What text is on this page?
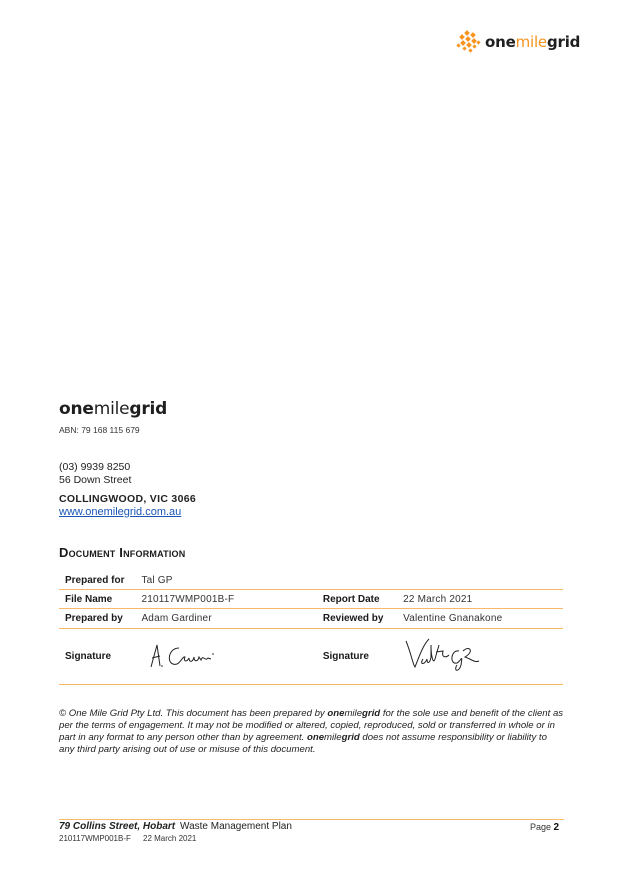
onemilegrid
onemilegrid
ABN: 79 168 115 679
(03) 9939 8250
56 Down Street
COLLINGWOOD, VIC 3066
www.onemilegrid.com.au
Document Information
Prepared for	Tal GP		
File Name	210117WMP001B-F	Report Date	22 March 2021
Prepared by	Adam Gardiner	Reviewed by	Valentine Gnanakone
Signature		Signature	
© One Mile Grid Pty Ltd. This document has been prepared by onemilegrid for the sole use and benefit of the client as per the terms of engagement. It may not be modified or altered, copied, reproduced, sold or transferred in whole or in part in any format to any person other than by agreement. onemilegrid does not assume responsibility or liability to any third party arising out of use or misuse of this document.
79 Collins Street, Hobart Waste Management Plan
210117WMP001B-F 22 March 2021
Page 2
